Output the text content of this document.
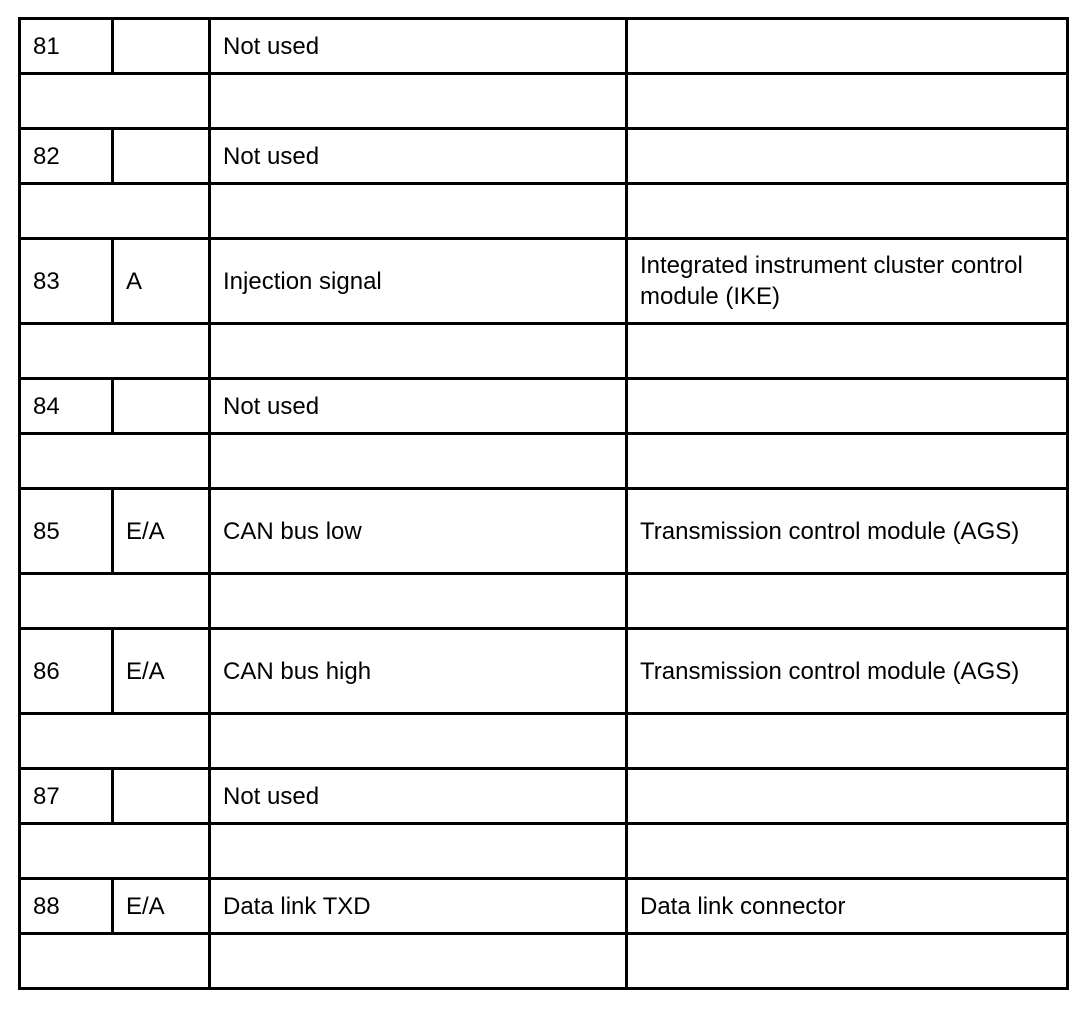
81		Not used	

82		Not used	

83	A	Injection signal	Integrated instrument cluster control module (IKE)

84		Not used	

85	E/A	CAN bus low	Transmission control module (AGS)

86	E/A	CAN bus high	Transmission control module (AGS)

87		Not used	

88	E/A	Data link TXD	Data link connector
